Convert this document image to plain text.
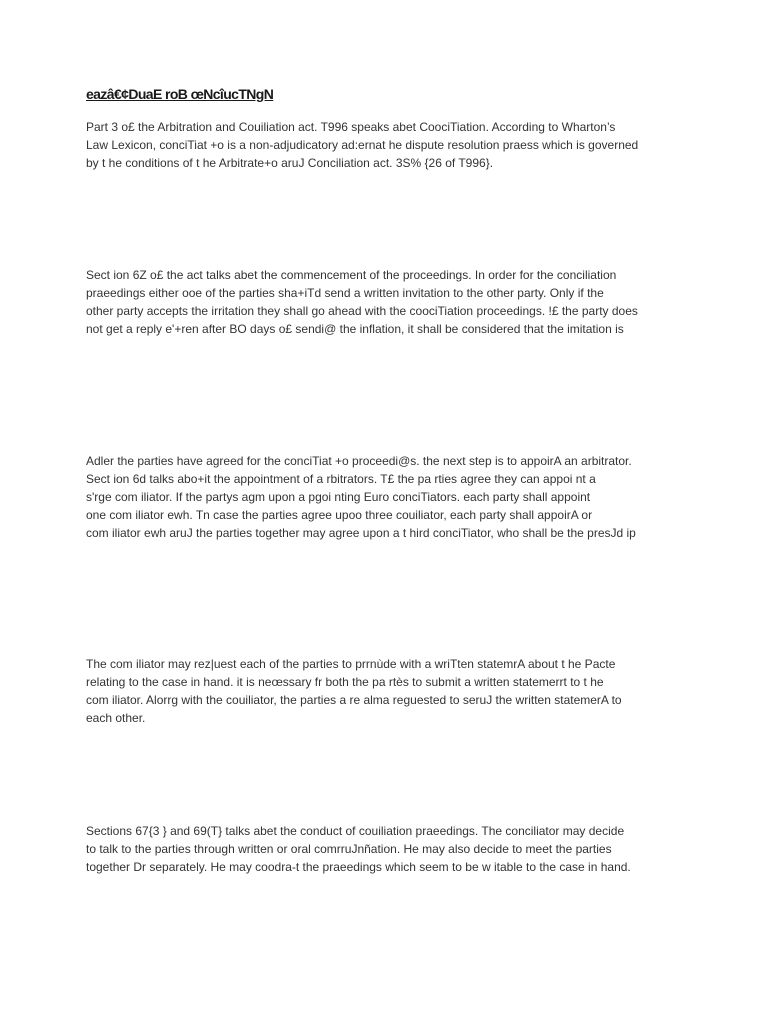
eazâ€¢DuaE roB œNcîucTNgN

Part 3 o£ the Arbitration and Couiliation act. T996 speaks abet CoociTiation. According to Wharton’s
Law Lexicon, conciTiat +o is a non-adjudicatory ad:ernat he dispute resolution praess which is governed
by t he conditions of t he Arbitrate+o aruJ Conciliation act. 3S% {26 of T996}.

Sect ion 6Z o£ the act talks abet the commencement of the proceedings. In order for the conciliation
praeedings either ooe of the parties sha+iTd send a written invitation to the other party. Only if the
other party accepts the irritation they shall go ahead with the coociTiation proceedings. !£ the party does
not get a reply e'+ren after BO days o£ sendi@ the inflation, it shall be considered that the imitation is

Adler the parties have agreed for the conciTiat +o proceedi@s. the next step is to appoirA an arbitrator.
Sect ion 6d talks abo+it the appointment of a rbitrators. T£ the pa rties agree they can appoi nt a
s'rge com iliator. If the partys agm upon a pgoi nting Euro conciTiators. each party shall appoint
one com iliator ewh. Tn case the parties agree upoo three couiliator, each party shall appoirA or
com iliator ewh aruJ the parties together may agree upon a t hird conciTiator, who shall be the presJd ip

The com iliator may rez|uest each of the parties to prrnùde with a wriTten statemrA about t he Pacte
relating to the case in hand. it is neœssary fr both the pa rtès to submit a written statemerrt to t he
com iliator. Alorrg with the couiliator, the parties a re alma reguested to seruJ the written statemerA to
each other.

Sections 67{3 } and 69(T} talks abet the conduct of couiliation praeedings. The conciliator may decide
to talk to the parties through written or oral comrruJnñation. He may also decide to meet the parties
together Dr separately. He may coodra-t the praeedings which seem to be w itable to the case in hand.
